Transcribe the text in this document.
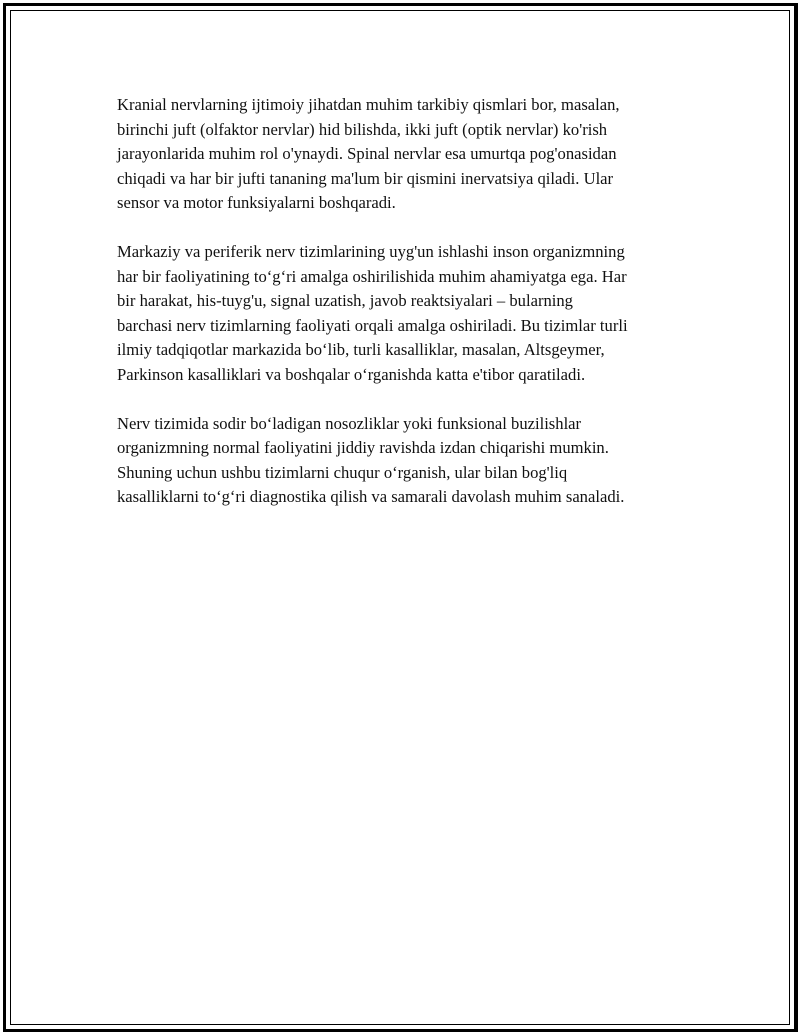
Kranial nervlarning ijtimoiy jihatdan muhim tarkibiy qismlari bor, masalan,
birinchi juft (olfaktor nervlar) hid bilishda, ikki juft (optik nervlar) ko'rish
jarayonlarida muhim rol o'ynaydi. Spinal nervlar esa umurtqa pog'onasidan
chiqadi va har bir jufti tananing ma'lum bir qismini inervatsiya qiladi. Ular
sensor va motor funksiyalarni boshqaradi.

Markaziy va periferik nerv tizimlarining uyg'un ishlashi inson organizmning
har bir faoliyatining to‘g‘ri amalga oshirilishida muhim ahamiyatga ega. Har
bir harakat, his-tuyg'u, signal uzatish, javob reaktsiyalari – bularning
barchasi nerv tizimlarning faoliyati orqali amalga oshiriladi. Bu tizimlar turli
ilmiy tadqiqotlar markazida bo‘lib, turli kasalliklar, masalan, Altsgeymer,
Parkinson kasalliklari va boshqalar o‘rganishda katta e'tibor qaratiladi.

Nerv tizimida sodir bo‘ladigan nosozliklar yoki funksional buzilishlar
organizmning normal faoliyatini jiddiy ravishda izdan chiqarishi mumkin.
Shuning uchun ushbu tizimlarni chuqur o‘rganish, ular bilan bog'liq
kasalliklarni to‘g‘ri diagnostika qilish va samarali davolash muhim sanaladi.
